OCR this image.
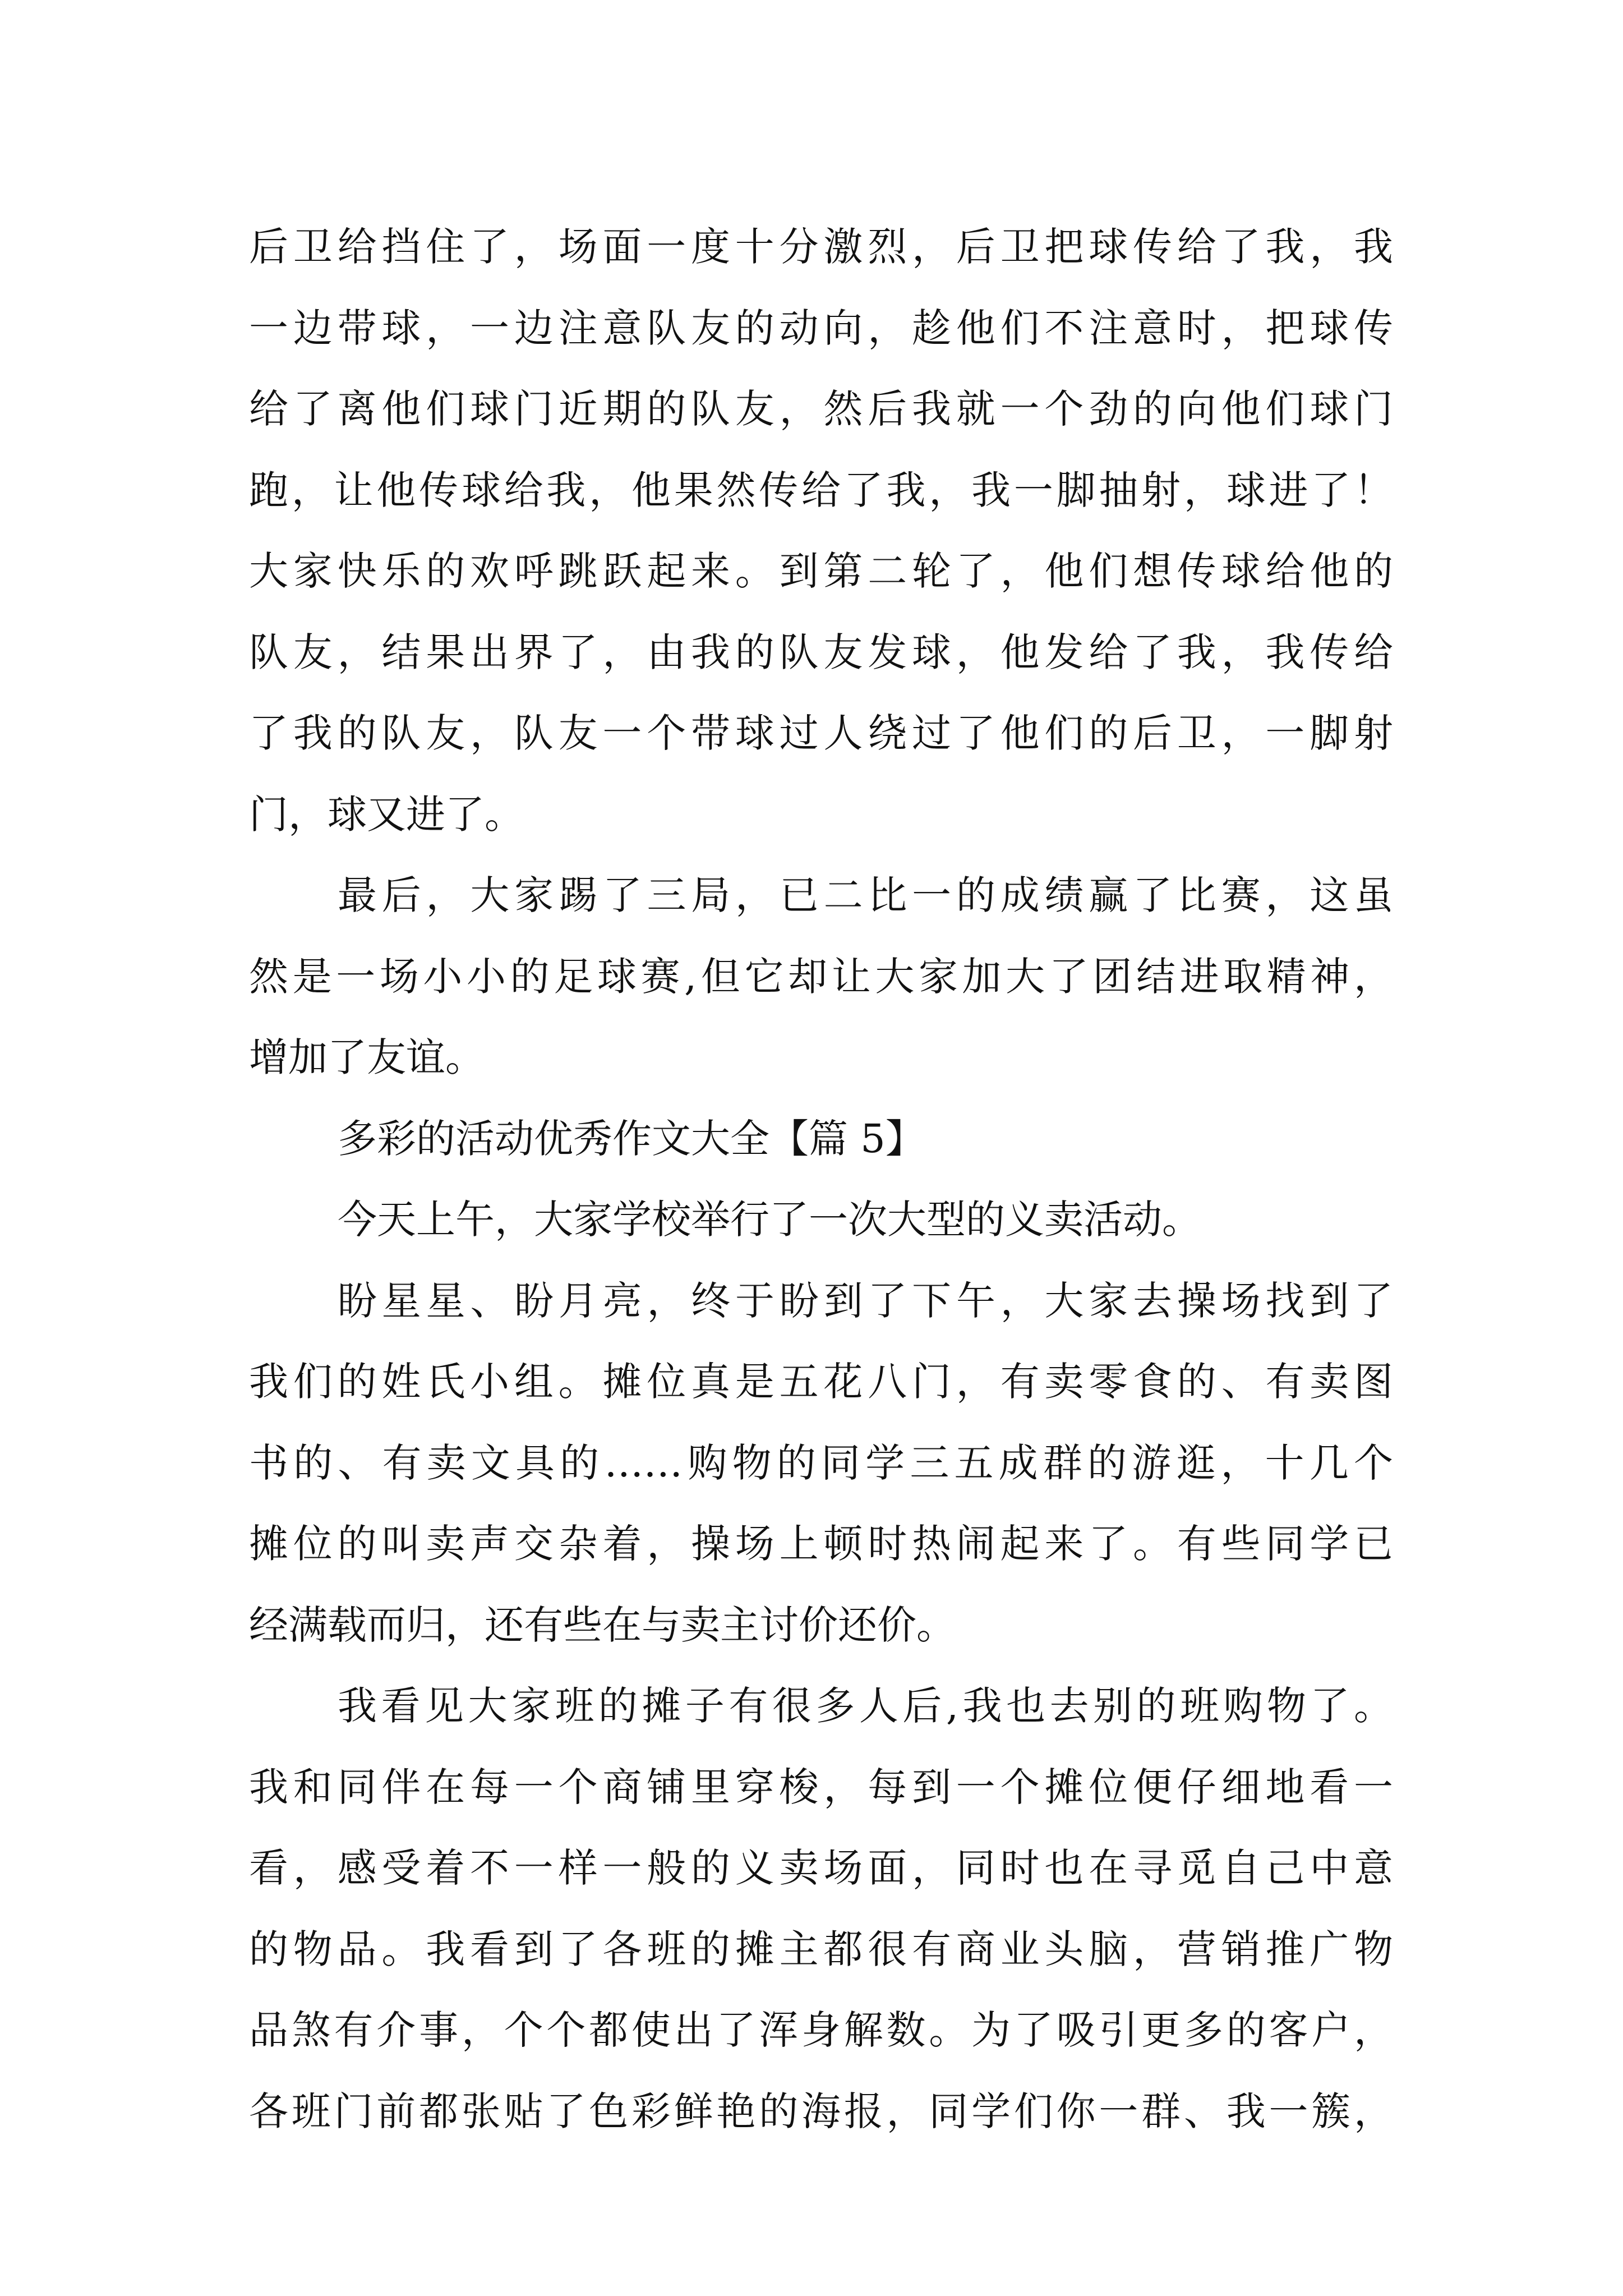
后卫给挡住了，场面一度十分激烈，后卫把球传给了我，我
一边带球，一边注意队友的动向，趁他们不注意时，把球传
给了离他们球门近期的队友，然后我就一个劲的向他们球门
跑，让他传球给我，他果然传给了我，我一脚抽射，球进了！
大家快乐的欢呼跳跃起来。到第二轮了，他们想传球给他的
队友，结果出界了，由我的队友发球，他发给了我，我传给
了我的队友，队友一个带球过人绕过了他们的后卫，一脚射
门，球又进了。
最后，大家踢了三局，已二比一的成绩赢了比赛，这虽
然是一场小小的足球赛,但它却让大家加大了团结进取精神，
增加了友谊。
多彩的活动优秀作文大全【篇 5】
今天上午，大家学校举行了一次大型的义卖活动。
盼星星、盼月亮，终于盼到了下午，大家去操场找到了
我们的姓氏小组。摊位真是五花八门，有卖零食的、有卖图
书的、有卖文具的……购物的同学三五成群的游逛，十几个
摊位的叫卖声交杂着，操场上顿时热闹起来了。有些同学已
经满载而归，还有些在与卖主讨价还价。
我看见大家班的摊子有很多人后,我也去别的班购物了。
我和同伴在每一个商铺里穿梭，每到一个摊位便仔细地看一
看，感受着不一样一般的义卖场面，同时也在寻觅自己中意
的物品。我看到了各班的摊主都很有商业头脑，营销推广物
品煞有介事，个个都使出了浑身解数。为了吸引更多的客户，
各班门前都张贴了色彩鲜艳的海报，同学们你一群、我一簇，
